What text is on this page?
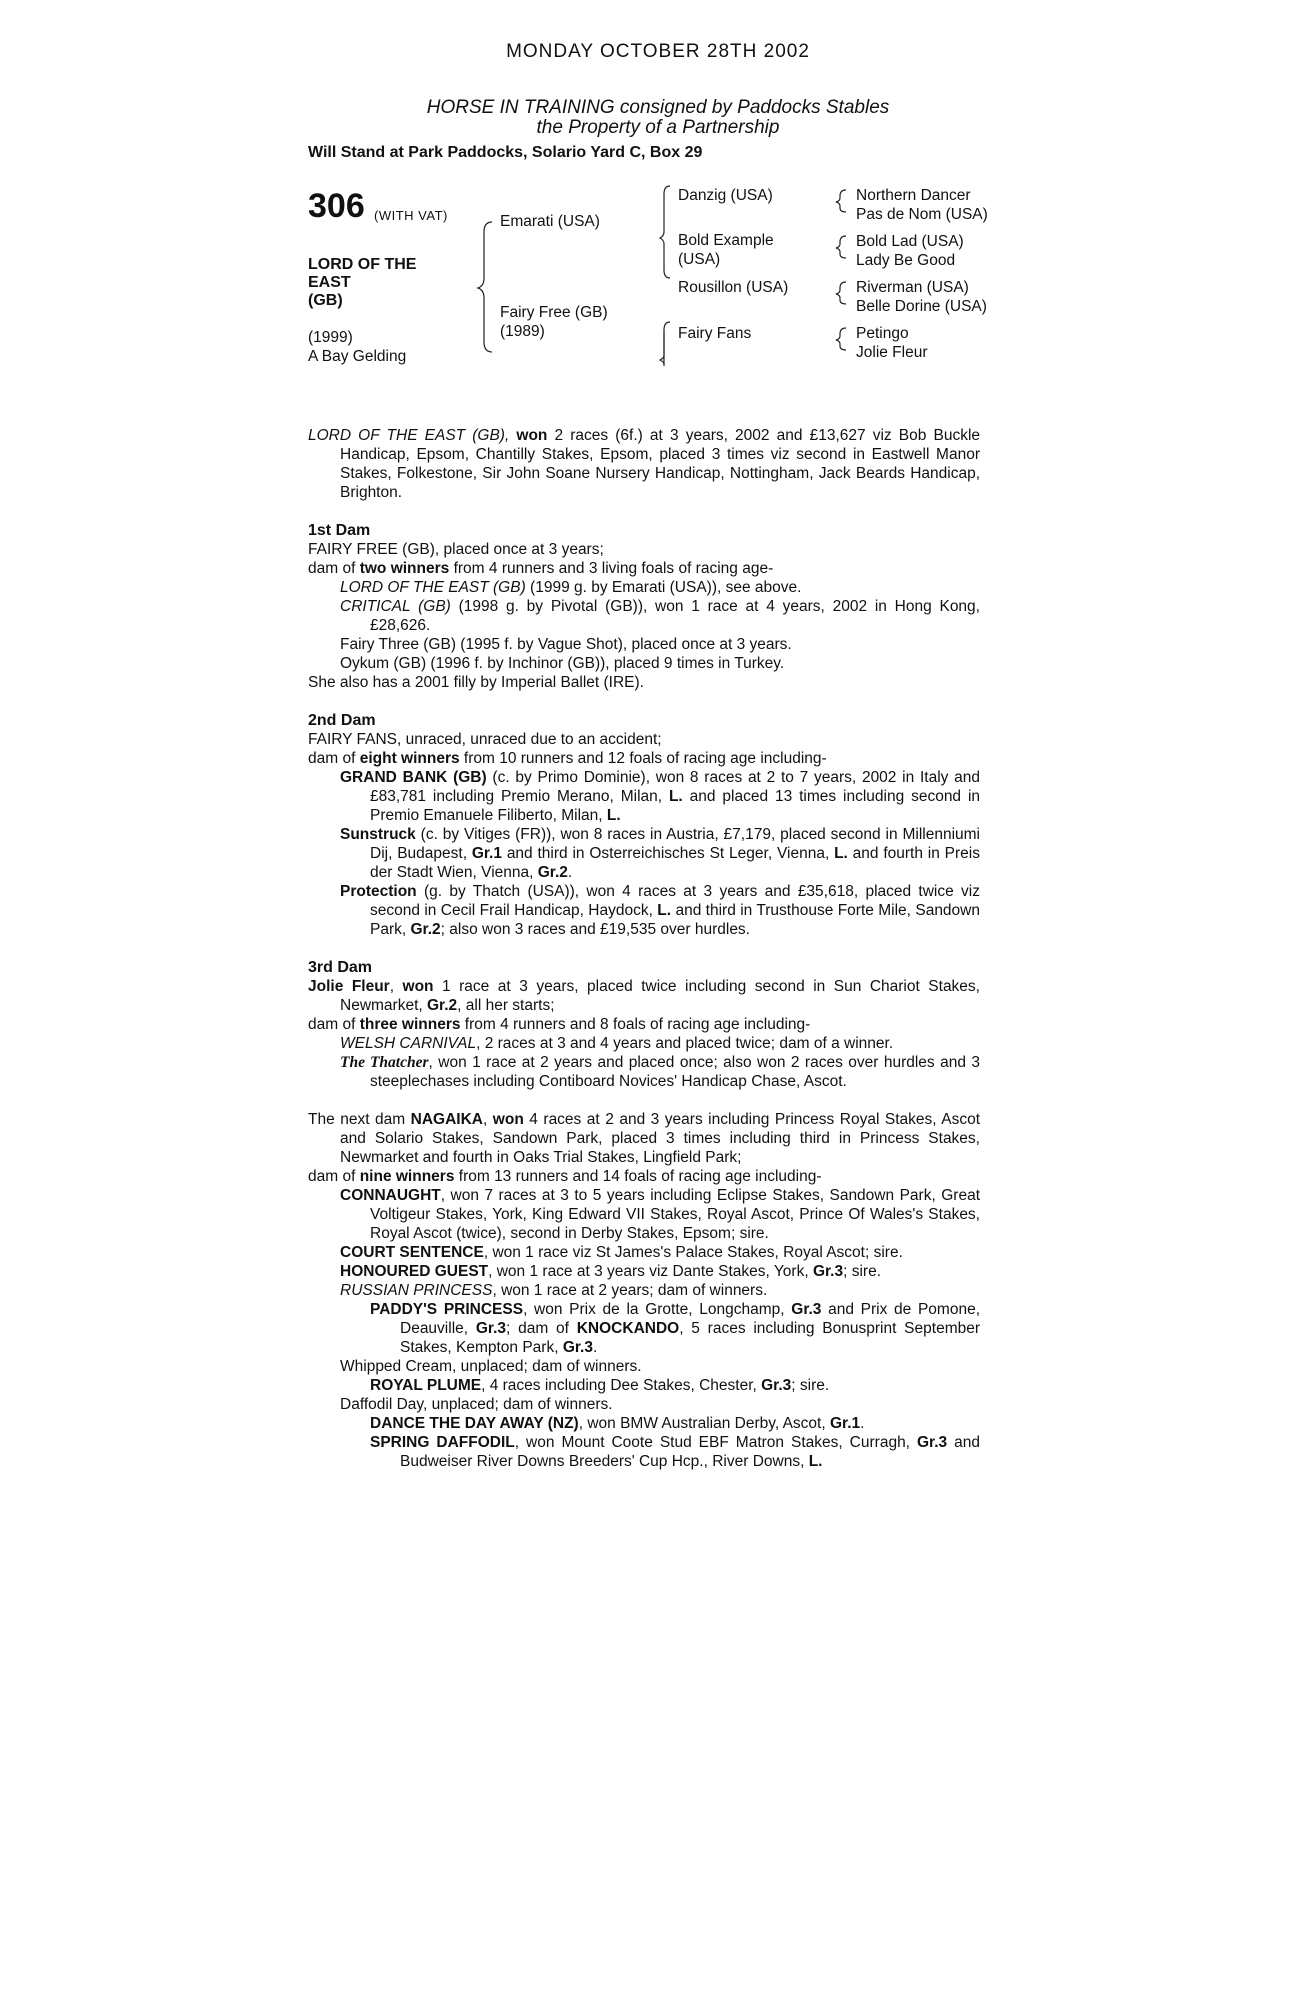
MONDAY OCTOBER 28TH 2002
HORSE IN TRAINING consigned by Paddocks Stables
the Property of a Partnership
Will Stand at Park Paddocks, Solario Yard C, Box 29
306 (WITH VAT)
LORD OF THE
EAST
(GB)
(1999)
A Bay Gelding
Emarati (USA)
Fairy Free (GB)
(1989)
Danzig (USA)
Bold Example
(USA)
Rousillon (USA)
Fairy Fans
Northern Dancer
Pas de Nom (USA)
Bold Lad (USA)
Lady Be Good
Riverman (USA)
Belle Dorine (USA)
Petingo
Jolie Fleur

LORD OF THE EAST (GB), won 2 races (6f.) at 3 years, 2002 and £13,627 viz Bob Buckle Handicap, Epsom, Chantilly Stakes, Epsom, placed 3 times viz second in Eastwell Manor Stakes, Folkestone, Sir John Soane Nursery Handicap, Nottingham, Jack Beards Handicap, Brighton.

1st Dam

FAIRY FREE (GB), placed once at 3 years;

dam of two winners from 4 runners and 3 living foals of racing age-

LORD OF THE EAST (GB) (1999 g. by Emarati (USA)), see above.

CRITICAL (GB) (1998 g. by Pivotal (GB)), won 1 race at 4 years, 2002 in Hong Kong, £28,626.

Fairy Three (GB) (1995 f. by Vague Shot), placed once at 3 years.

Oykum (GB) (1996 f. by Inchinor (GB)), placed 9 times in Turkey.

She also has a 2001 filly by Imperial Ballet (IRE).

2nd Dam

FAIRY FANS, unraced, unraced due to an accident;

dam of eight winners from 10 runners and 12 foals of racing age including-

GRAND BANK (GB) (c. by Primo Dominie), won 8 races at 2 to 7 years, 2002 in Italy and £83,781 including Premio Merano, Milan, L. and placed 13 times including second in Premio Emanuele Filiberto, Milan, L.

Sunstruck (c. by Vitiges (FR)), won 8 races in Austria, £7,179, placed second in Millenniumi Dij, Budapest, Gr.1 and third in Osterreichisches St Leger, Vienna, L. and fourth in Preis der Stadt Wien, Vienna, Gr.2.

Protection (g. by Thatch (USA)), won 4 races at 3 years and £35,618, placed twice viz second in Cecil Frail Handicap, Haydock, L. and third in Trusthouse Forte Mile, Sandown Park, Gr.2; also won 3 races and £19,535 over hurdles.

3rd Dam

Jolie Fleur, won 1 race at 3 years, placed twice including second in Sun Chariot Stakes, Newmarket, Gr.2, all her starts;

dam of three winners from 4 runners and 8 foals of racing age including-

WELSH CARNIVAL, 2 races at 3 and 4 years and placed twice; dam of a winner.

The Thatcher, won 1 race at 2 years and placed once; also won 2 races over hurdles and 3 steeplechases including Contiboard Novices' Handicap Chase, Ascot.

The next dam NAGAIKA, won 4 races at 2 and 3 years including Princess Royal Stakes, Ascot and Solario Stakes, Sandown Park, placed 3 times including third in Princess Stakes, Newmarket and fourth in Oaks Trial Stakes, Lingfield Park;

dam of nine winners from 13 runners and 14 foals of racing age including-

CONNAUGHT, won 7 races at 3 to 5 years including Eclipse Stakes, Sandown Park, Great Voltigeur Stakes, York, King Edward VII Stakes, Royal Ascot, Prince Of Wales's Stakes, Royal Ascot (twice), second in Derby Stakes, Epsom; sire.

COURT SENTENCE, won 1 race viz St James's Palace Stakes, Royal Ascot; sire.

HONOURED GUEST, won 1 race at 3 years viz Dante Stakes, York, Gr.3; sire.

RUSSIAN PRINCESS, won 1 race at 2 years; dam of winners.

PADDY'S PRINCESS, won Prix de la Grotte, Longchamp, Gr.3 and Prix de Pomone, Deauville, Gr.3; dam of KNOCKANDO, 5 races including Bonusprint September Stakes, Kempton Park, Gr.3.

Whipped Cream, unplaced; dam of winners.

ROYAL PLUME, 4 races including Dee Stakes, Chester, Gr.3; sire.

Daffodil Day, unplaced; dam of winners.

DANCE THE DAY AWAY (NZ), won BMW Australian Derby, Ascot, Gr.1.

SPRING DAFFODIL, won Mount Coote Stud EBF Matron Stakes, Curragh, Gr.3 and Budweiser River Downs Breeders' Cup Hcp., River Downs, L.
